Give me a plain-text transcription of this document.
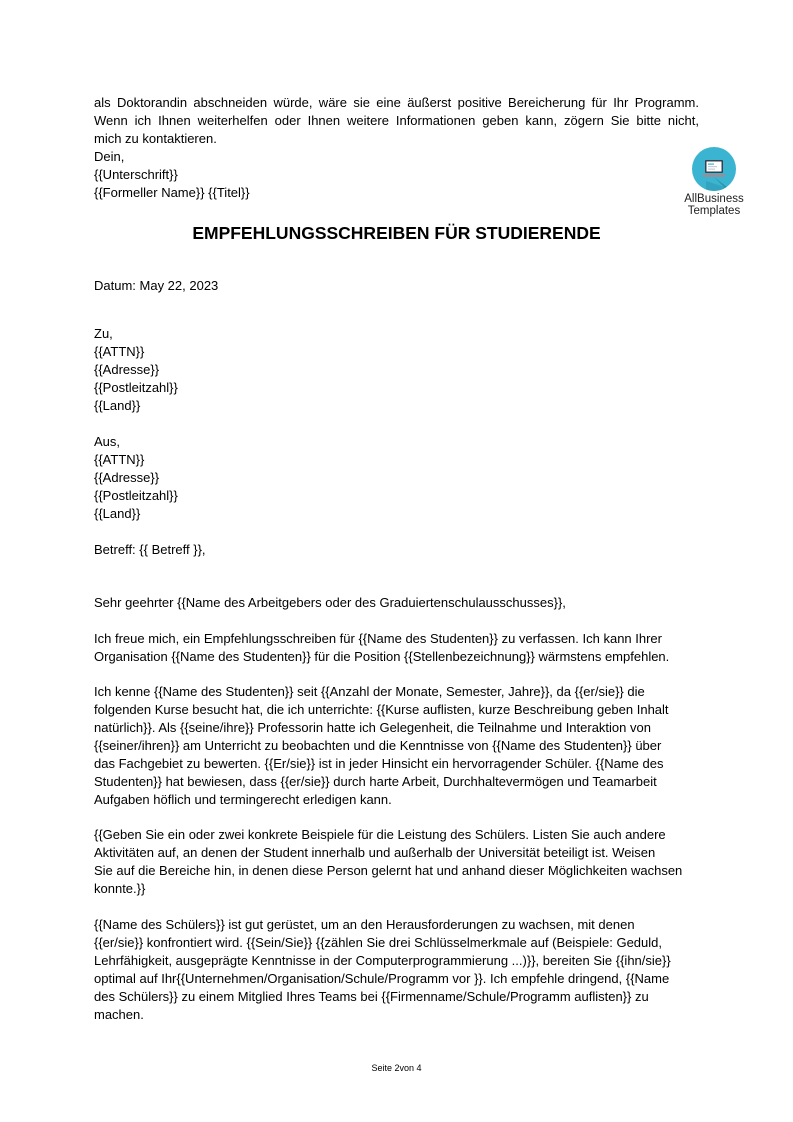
als Doktorandin abschneiden würde, wäre sie eine äußerst positive Bereicherung für Ihr Programm.
Wenn ich Ihnen weiterhelfen oder Ihnen weitere Informationen geben kann, zögern Sie bitte nicht,
mich zu kontaktieren.
Dein,
{{Unterschrift}}
{{Formeller Name}} {{Titel}}	AllBusiness
Templates
EMPFEHLUNGSSCHREIBEN FÜR STUDIERENDE
Datum: May 22, 2023
Zu,
{{ATTN}}
{{Adresse}}
{{Postleitzahl}}
{{Land}}
Aus,
{{ATTN}}
{{Adresse}}
{{Postleitzahl}}
{{Land}}
Betreff: {{ Betreff }},
Sehr geehrter {{Name des Arbeitgebers oder des Graduiertenschulausschusses}},
Ich freue mich, ein Empfehlungsschreiben für {{Name des Studenten}} zu verfassen. Ich kann Ihrer
Organisation {{Name des Studenten}} für die Position {{Stellenbezeichnung}} wärmstens empfehlen.
Ich kenne {{Name des Studenten}} seit {{Anzahl der Monate, Semester, Jahre}}, da {{er/sie}} die
folgenden Kurse besucht hat, die ich unterrichte: {{Kurse auflisten, kurze Beschreibung geben Inhalt
natürlich}}. Als {{seine/ihre}} Professorin hatte ich Gelegenheit, die Teilnahme und Interaktion von
{{seiner/ihren}} am Unterricht zu beobachten und die Kenntnisse von {{Name des Studenten}} über
das Fachgebiet zu bewerten. {{Er/sie}} ist in jeder Hinsicht ein hervorragender Schüler. {{Name des
Studenten}} hat bewiesen, dass {{er/sie}} durch harte Arbeit, Durchhaltevermögen und Teamarbeit
Aufgaben höflich und termingerecht erledigen kann.
{{Geben Sie ein oder zwei konkrete Beispiele für die Leistung des Schülers. Listen Sie auch andere
Aktivitäten auf, an denen der Student innerhalb und außerhalb der Universität beteiligt ist. Weisen
Sie auf die Bereiche hin, in denen diese Person gelernt hat und anhand dieser Möglichkeiten wachsen
konnte.}}
{{Name des Schülers}} ist gut gerüstet, um an den Herausforderungen zu wachsen, mit denen
{{er/sie}} konfrontiert wird. {{Sein/Sie}} {{zählen Sie drei Schlüsselmerkmale auf (Beispiele: Geduld,
Lehrfähigkeit, ausgeprägte Kenntnisse in der Computerprogrammierung ...)}}, bereiten Sie {{ihn/sie}}
optimal auf Ihr{{Unternehmen/Organisation/Schule/Programm vor }}. Ich empfehle dringend, {{Name
des Schülers}} zu einem Mitglied Ihres Teams bei {{Firmenname/Schule/Programm auflisten}} zu
machen.
Seite 2von 4
